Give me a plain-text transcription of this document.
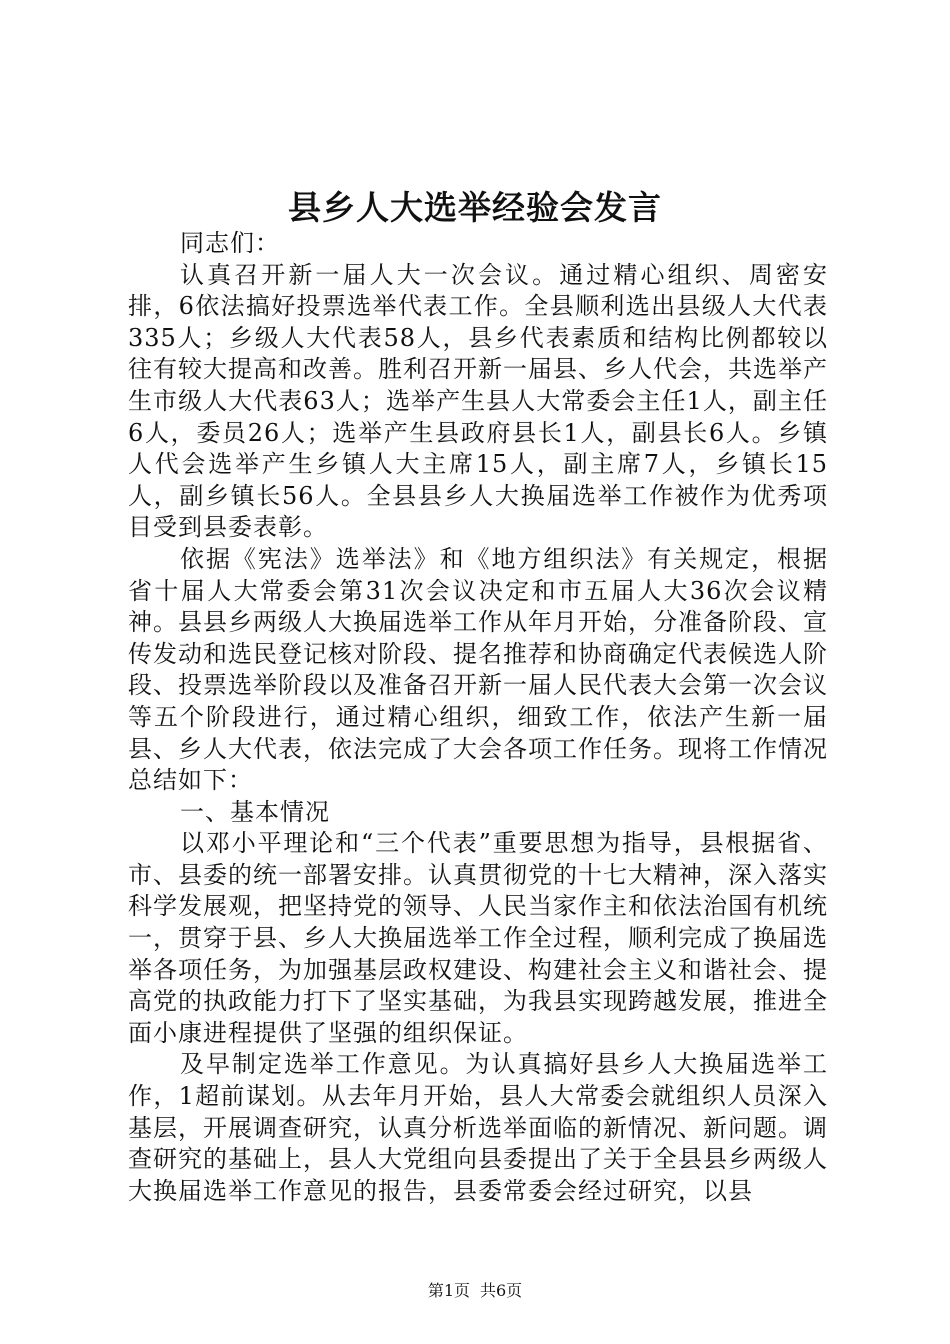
县乡人大选举经验会发言

同志们：

认真召开新一届人大一次会议。通过精心组织、周密安排，6依法搞好投票选举代表工作。全县顺利选出县级人大代表335人；乡级人大代表58人，县乡代表素质和结构比例都较以往有较大提高和改善。胜利召开新一届县、乡人代会，共选举产生市级人大代表63人；选举产生县人大常委会主任1人，副主任6人，委员26人；选举产生县政府县长1人，副县长6人。乡镇人代会选举产生乡镇人大主席15人，副主席7人，乡镇长15人，副乡镇长56人。全县县乡人大换届选举工作被作为优秀项目受到县委表彰。

依据《宪法》选举法》和《地方组织法》有关规定，根据省十届人大常委会第31次会议决定和市五届人大36次会议精神。县县乡两级人大换届选举工作从年月开始，分准备阶段、宣传发动和选民登记核对阶段、提名推荐和协商确定代表候选人阶段、投票选举阶段以及准备召开新一届人民代表大会第一次会议等五个阶段进行，通过精心组织，细致工作，依法产生新一届县、乡人大代表，依法完成了大会各项工作任务。现将工作情况总结如下：

一、基本情况

以邓小平理论和“三个代表”重要思想为指导，县根据省、市、县委的统一部署安排。认真贯彻党的十七大精神，深入落实科学发展观，把坚持党的领导、人民当家作主和依法治国有机统一，贯穿于县、乡人大换届选举工作全过程，顺利完成了换届选举各项任务，为加强基层政权建设、构建社会主义和谐社会、提高党的执政能力打下了坚实基础，为我县实现跨越发展，推进全面小康进程提供了坚强的组织保证。

及早制定选举工作意见。为认真搞好县乡人大换届选举工作，1超前谋划。从去年月开始，县人大常委会就组织人员深入基层，开展调查研究，认真分析选举面临的新情况、新问题。调查研究的基础上，县人大党组向县委提出了关于全县县乡两级人大换届选举工作意见的报告，县委常委会经过研究，以县

第1页 共6页
